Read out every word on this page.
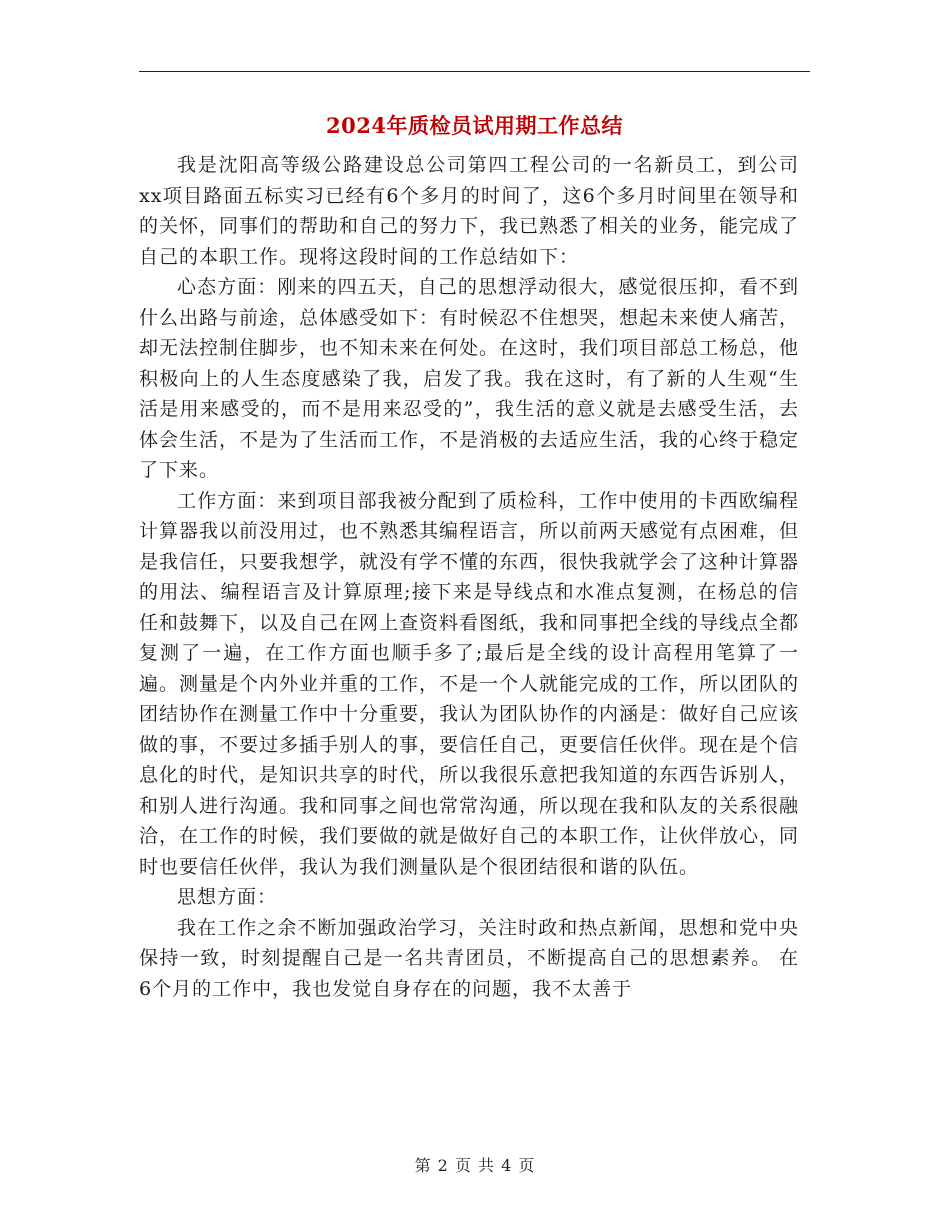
2024年质检员试用期工作总结

我是沈阳高等级公路建设总公司第四工程公司的一名新员工，到公司xx项目路面五标实习已经有6个多月的时间了，这6个多月时间里在领导和的关怀，同事们的帮助和自己的努力下，我已熟悉了相关的业务，能完成了自己的本职工作。现将这段时间的工作总结如下：

心态方面：刚来的四五天，自己的思想浮动很大，感觉很压抑，看不到什么出路与前途，总体感受如下：有时候忍不住想哭，想起未来使人痛苦，却无法控制住脚步，也不知未来在何处。在这时，我们项目部总工杨总，他积极向上的人生态度感染了我，启发了我。我在这时，有了新的人生观“生活是用来感受的，而不是用来忍受的”，我生活的意义就是去感受生活，去体会生活，不是为了生活而工作，不是消极的去适应生活，我的心终于稳定了下来。

工作方面：来到项目部我被分配到了质检科，工作中使用的卡西欧编程计算器我以前没用过，也不熟悉其编程语言，所以前两天感觉有点困难，但是我信任，只要我想学，就没有学不懂的东西，很快我就学会了这种计算器的用法、编程语言及计算原理;接下来是导线点和水准点复测，在杨总的信任和鼓舞下，以及自己在网上查资料看图纸，我和同事把全线的导线点全都复测了一遍，在工作方面也顺手多了;最后是全线的设计高程用笔算了一遍。测量是个内外业并重的工作，不是一个人就能完成的工作，所以团队的团结协作在测量工作中十分重要，我认为团队协作的内涵是：做好自己应该做的事，不要过多插手别人的事，要信任自己，更要信任伙伴。现在是个信息化的时代，是知识共享的时代，所以我很乐意把我知道的东西告诉别人，和别人进行沟通。我和同事之间也常常沟通，所以现在我和队友的关系很融洽，在工作的时候，我们要做的就是做好自己的本职工作，让伙伴放心，同时也要信任伙伴，我认为我们测量队是个很团结很和谐的队伍。

思想方面：

我在工作之余不断加强政治学习，关注时政和热点新闻，思想和党中央保持一致，时刻提醒自己是一名共青团员，不断提高自己的思想素养。 在6个月的工作中，我也发觉自身存在的问题，我不太善于

第 2 页 共 4 页
